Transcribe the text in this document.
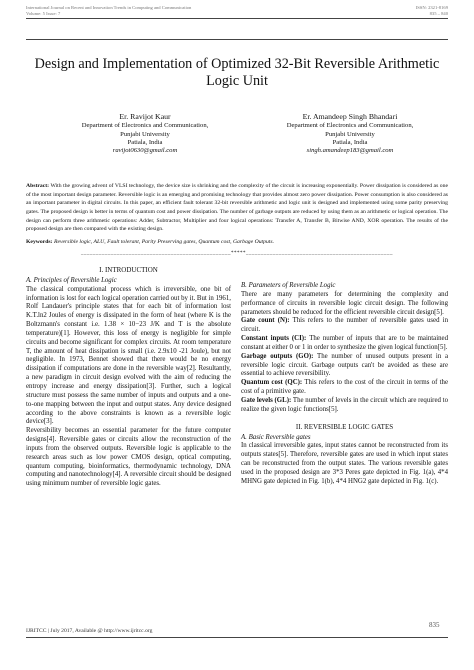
International Journal on Recent and Innovation Trends in Computing and Communication
Volume: 5 Issue: 7
ISSN: 2321-8169
835 – 840
Design and Implementation of Optimized 32-Bit Reversible Arithmetic Logic Unit
Er. Ravijot Kaur
Department of Electronics and Communication,
Punjabi University
Patiala, India
ravijot0630@gmail.com
Er. Amandeep Singh Bhandari
Department of Electronics and Communication,
Punjabi University
Patiala, India
singh.amandeep183@gmail.com
Abstract: With the growing advent of VLSI technology, the device size is shrinking and the complexity of the circuit is increasing exponentially. Power dissipation is considered as one of the most important design parameter. Reversible logic is an emerging and promising technology that provides almost zero power dissipation. Power consumption is also considered as an important parameter in digital circuits. In this paper, an efficient fault tolerant 32-bit reversible arithmetic and logic unit is designed and implemented using some parity preserving gates. The proposed design is better in terms of quantum cost and power dissipation. The number of garbage outputs are reduced by using them as an arithmetic or logical operation. The design can perform three arithmetic operations: Adder, Subtractor, Multiplier and four logical operations: Transfer A, Transfer B, Bitwise AND, XOR operation. The results of the proposed design are then compared with the existing design.
Keywords: Reversible logic, ALU, Fault tolerant, Parity Preserving gates, Quantum cost, Garbage Outputs.
__________________________________________________*****_________________________________________________

I. INTRODUCTION

A. Principles of Reversible Logic

The classical computational process which is irreversible, one bit of information is lost for each logical operation carried out by it. But in 1961, Rolf Landauer's principle states that for each bit of information lost K.T.ln2 Joules of energy is dissipated in the form of heat (where K is the Boltzmann's constant i.e. 1.38 × 10−23 J/K and T is the absolute temperature)[1]. However, this loss of energy is negligible for simple circuits and become significant for complex circuits. At room temperature T, the amount of heat dissipation is small (i.e. 2.9x10 -21 Joule), but not negligible. In 1973, Bennet showed that there would be no energy dissipation if computations are done in the reversible way[2]. Resultantly, a new paradigm in circuit design evolved with the aim of reducing the entropy increase and energy dissipation[3]. Further, such a logical structure must possess the same number of inputs and outputs and a one-to-one mapping between the input and output states. Any device designed according to the above constraints is known as a reversible logic device[3].

Reversibility becomes an essential parameter for the future computer designs[4]. Reversible gates or circuits allow the reconstruction of the inputs from the observed outputs. Reversible logic is applicable to the research areas such as low power CMOS design, optical computing, quantum computing, bioinformatics, thermodynamic technology, DNA computing and nanotechnology[4]. A reversible circuit should be designed using minimum number of reversible logic gates.

B. Parameters of Reversible Logic

There are many parameters for determining the complexity and performance of circuits in reversible logic circuit design. The following parameters should be reduced for the efficient reversible circuit design[5].

Gate count (N): This refers to the number of reversible gates used in circuit.

Constant inputs (CI): The number of inputs that are to be maintained constant at either 0 or 1 in order to synthesize the given logical function[5].

Garbage outputs (GO): The number of unused outputs present in a reversible logic circuit. Garbage outputs can't be avoided as these are essential to achieve reversibility.

Quantum cost (QC): This refers to the cost of the circuit in terms of the cost of a primitive gate.

Gate levels (GL): The number of levels in the circuit which are required to realize the given logic functions[5].

II. REVERSIBLE LOGIC GATES

A. Basic Reversible gates

In classical irreversible gates, input states cannot be reconstructed from its outputs states[5]. Therefore, reversible gates are used in which input states can be reconstructed from the output states. The various reversible gates used in the proposed design are 3*3 Peres gate depicted in Fig. 1(a), 4*4 MHNG gate depicted in Fig. 1(b), 4*4 HNG2 gate depicted in Fig. 1(c).

IJRITCC | July 2017, Available @ http://www.ijritcc.org
835
